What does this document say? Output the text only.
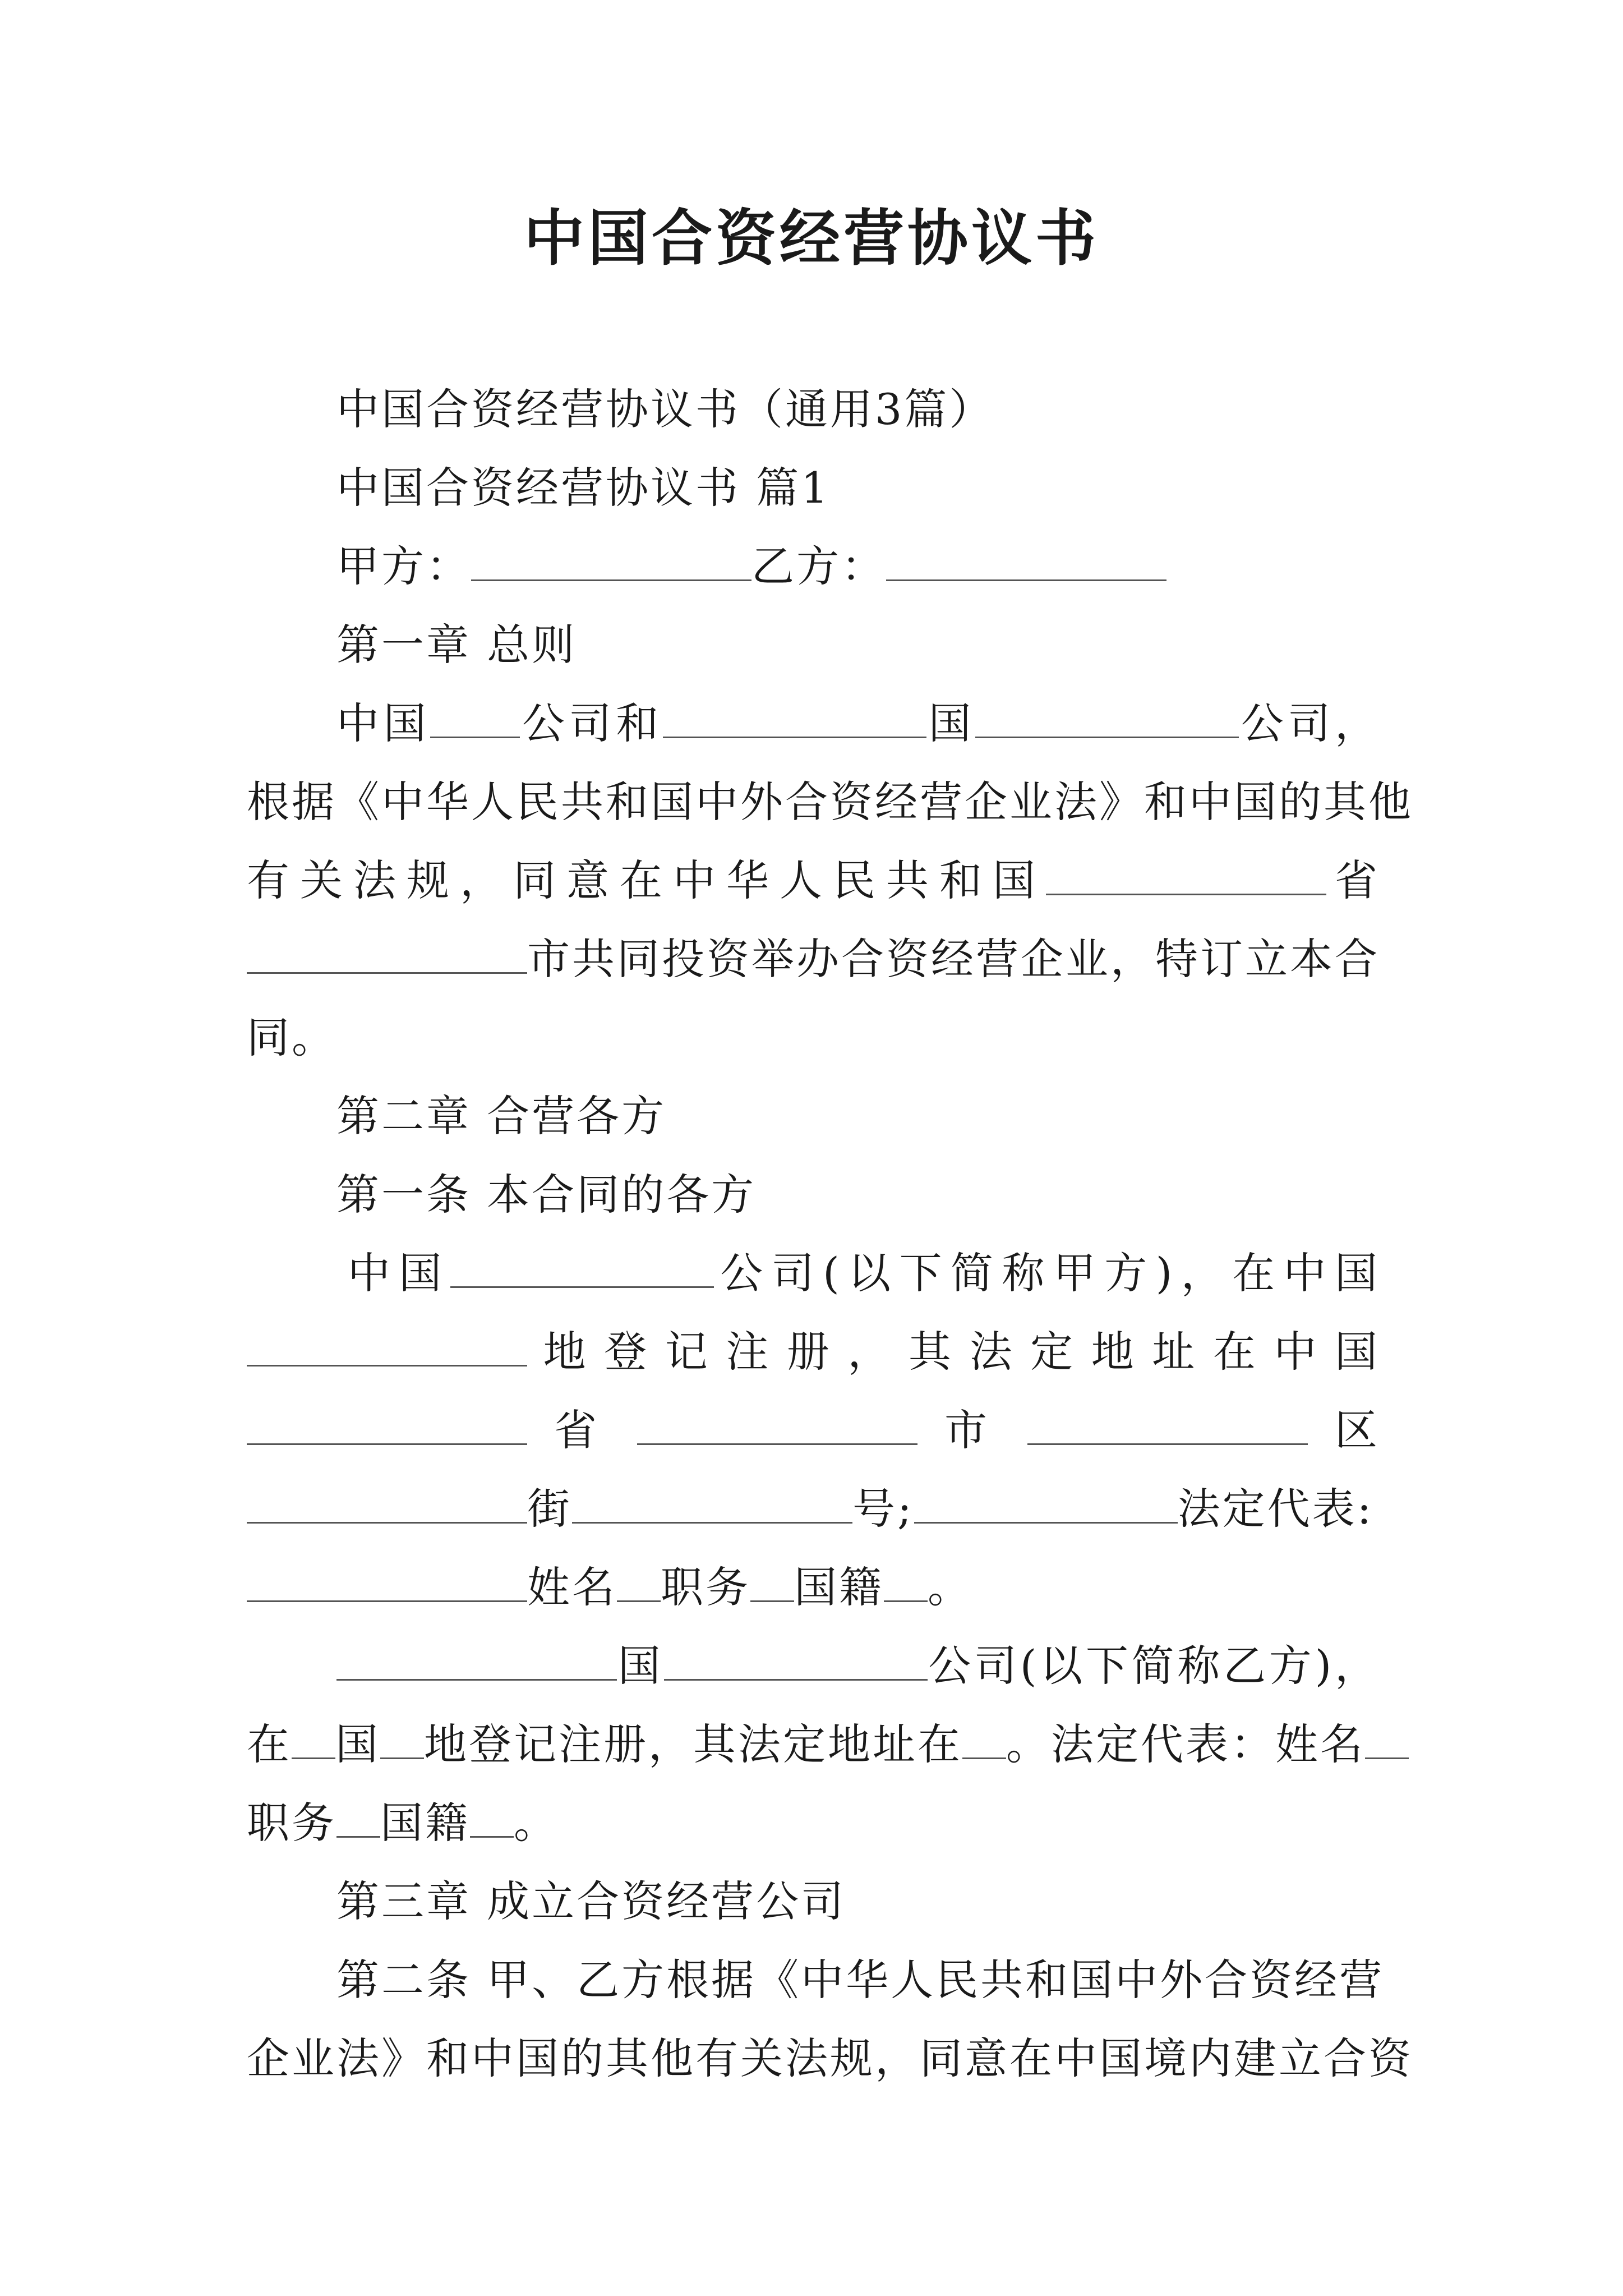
中国合资经营协议书
中国合资经营协议书（通用3篇）
中国合资经营协议书 篇1
甲方：	乙方：
第一章 总则
中国 公司和	国	公司，
根据《中华人民共和国中外合资经营企业法》和中国的其他
有关法规，同意在中华人民共和国	省
市共同投资举办合资经营企业，特订立本合
同。
第二章 合营各方
第一条 本合同的各方
中国	公司(以下简称甲方)，在中国
地登记注册，其法定地址在中国
省	市	区
街	号;	法定代表:
姓名 职务 国籍 。
国	公司(以下简称乙方)，
在 国 地登记注册，其法定地址在 。法定代表：姓名
职务 国籍 。
第三章 成立合资经营公司
第二条 甲、乙方根据《中华人民共和国中外合资经营
企业法》和中国的其他有关法规，同意在中国境内建立合资
